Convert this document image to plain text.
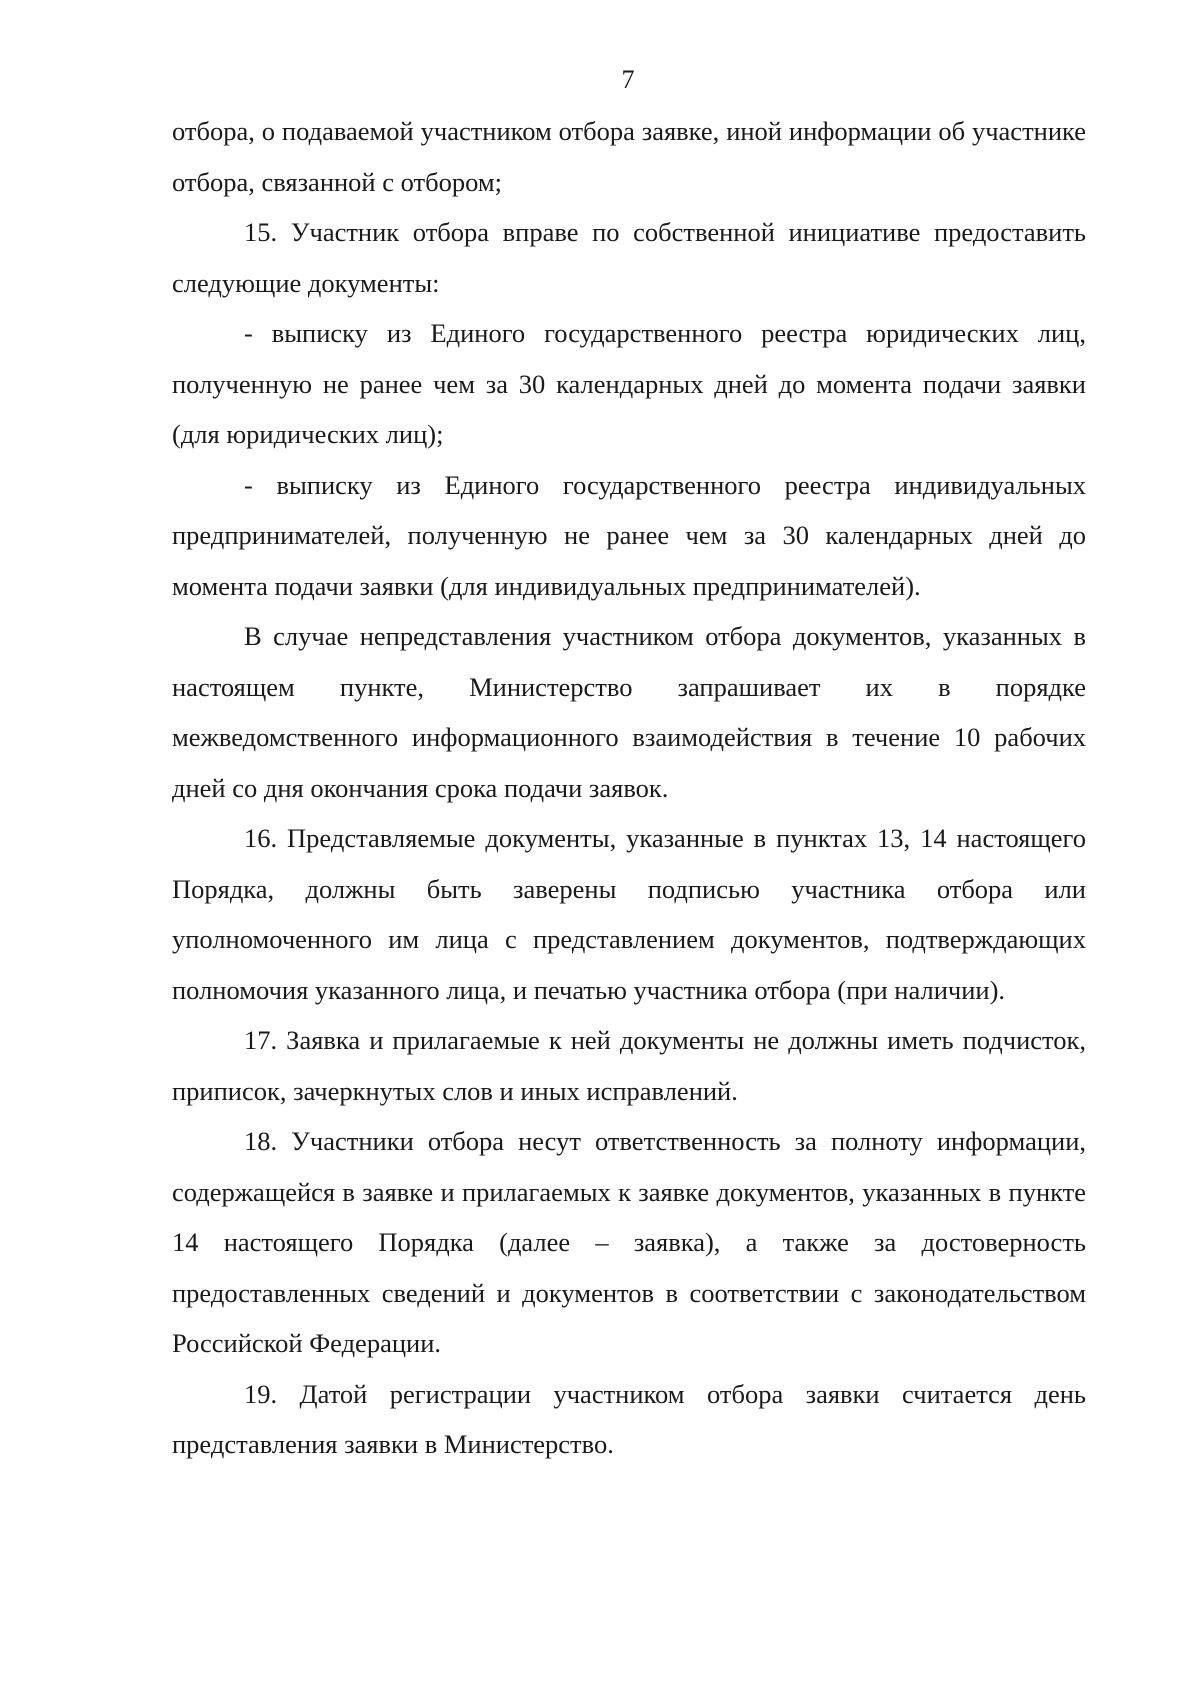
7

отбора, о подаваемой участником отбора заявке, иной информации об участнике отбора, связанной с отбором;

15. Участник отбора вправе по собственной инициативе предоставить следующие документы:

- выписку из Единого государственного реестра юридических лиц, полученную не ранее чем за 30 календарных дней до момента подачи заявки (для юридических лиц);

- выписку из Единого государственного реестра индивидуальных предпринимателей, полученную не ранее чем за 30 календарных дней до момента подачи заявки (для индивидуальных предпринимателей).

В случае непредставления участником отбора документов, указанных в настоящем пункте, Министерство запрашивает их в порядке межведомственного информационного взаимодействия в течение 10 рабочих дней со дня окончания срока подачи заявок.

16. Представляемые документы, указанные в пунктах 13, 14 настоящего Порядка, должны быть заверены подписью участника отбора или уполномоченного им лица с представлением документов, подтверждающих полномочия указанного лица, и печатью участника отбора (при наличии).

17. Заявка и прилагаемые к ней документы не должны иметь подчисток, приписок, зачеркнутых слов и иных исправлений.

18. Участники отбора несут ответственность за полноту информации, содержащейся в заявке и прилагаемых к заявке документов, указанных в пункте 14 настоящего Порядка (далее – заявка), а также за достоверность предоставленных сведений и документов в соответствии с законодательством Российской Федерации.

19. Датой регистрации участником отбора заявки считается день представления заявки в Министерство.
